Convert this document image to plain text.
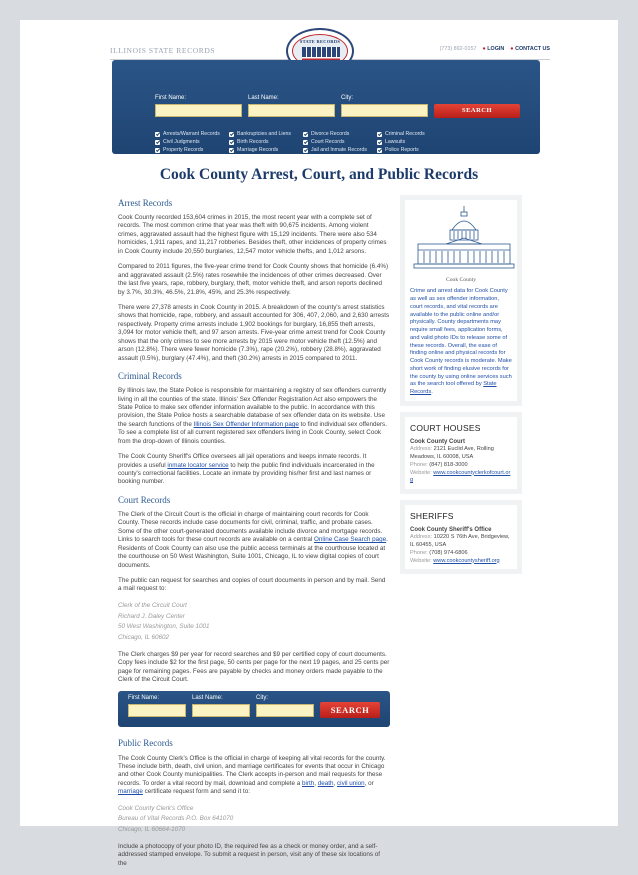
ILLINOIS STATE RECORDS	(773) 892-0157 ● LOGIN ● CONTACT US
STATE RECORDS
First Name:	Last Name:	City:
SEARCH
Arrests/Warrant Records	Bankruptcies and Liens	Divorce Records	Criminal Records
Civil Judgments	Birth Records	Court Records	Lawsuits
Property Records	Marriage Records	Jail and Inmate Records	Police Reports
Cook County Arrest, Court, and Public Records
Arrest Records

Cook County recorded 153,604 crimes in 2015, the most recent year with a complete set of records. The most common crime that year was theft with 90,675 incidents. Among violent crimes, aggravated assault had the highest figure with 15,129 incidents. There were also 534 homicides, 1,911 rapes, and 11,217 robberies. Besides theft, other incidences of property crimes in Cook County include 20,550 burglaries, 12,547 motor vehicle thefts, and 1,012 arsons.

Compared to 2011 figures, the five-year crime trend for Cook County shows that homicide (6.4%) and aggravated assault (2.5%) rates rosewhile the incidences of other crimes decreased. Over the last five years, rape, robbery, burglary, theft, motor vehicle theft, and arson reports declined by 3.7%, 30.3%, 46.5%, 21.8%, 45%, and 25.3% respectively.

There were 27,378 arrests in Cook County in 2015. A breakdown of the county's arrest statistics shows that homicide, rape, robbery, and assault accounted for 306, 407, 2,060, and 2,630 arrests respectively. Property crime arrests include 1,902 bookings for burglary, 16,855 theft arrests, 3,094 for motor vehicle theft, and 97 arson arrests. Five-year crime arrest trend for Cook County shows that the only crimes to see more arrests by 2015 were motor vehicle theft (12.5%) and arson (12.8%). There were fewer homicide (7.3%), rape (20.2%), robbery (28.8%), aggravated assault (0.5%), burglary (47.4%), and theft (30.2%) arrests in 2015 compared to 2011.

Criminal Records

By Illinois law, the State Police is responsible for maintaining a registry of sex offenders currently living in all the counties of the state. Illinois' Sex Offender Registration Act also empowers the State Police to make sex offender information available to the public. In accordance with this provision, the State Police hosts a searchable database of sex offender data on its website. Use the search functions of the Illinois Sex Offender Information page to find individual sex offenders. To see a complete list of all current registered sex offenders living in Cook County, select Cook from the drop-down of Illinois counties.

The Cook County Sheriff's Office oversees all jail operations and keeps inmate records. It provides a useful inmate locator service to help the public find individuals incarcerated in the county's correctional facilities. Locate an inmate by providing his/her first and last names or booking number.

Court Records

The Clerk of the Circuit Court is the official in charge of maintaining court records for Cook County. These records include case documents for civil, criminal, traffic, and probate cases. Some of the other court-generated documents available include divorce and mortgage records. Links to search tools for these court records are available on a central Online Case Search page. Residents of Cook County can also use the public access terminals at the courthouse located at the courthouse on 50 West Washington, Suite 1001, Chicago, IL to view digital copies of court documents.

The public can request for searches and copies of court documents in person and by mail. Send a mail request to:

Clerk of the Circuit Court
Richard J. Daley Center
50 West Washington, Suite 1001
Chicago, IL 60602

The Clerk charges $9 per year for record searches and $9 per certified copy of court documents. Copy fees include $2 for the first page, 50 cents per page for the next 19 pages, and 25 cents per page for remaining pages. Fees are payable by checks and money orders made payable to the Clerk of the Circuit Court.

First Name:	Last Name:	City:
SEARCH
Public Records

The Cook County Clerk's Office is the official in charge of keeping all vital records for the county. These include birth, death, civil union, and marriage certificates for events that occur in Chicago and other Cook County municipalities. The Clerk accepts in-person and mail requests for these records. To order a vital record by mail, download and complete a birth, death, civil union, or marriage certificate request form and send it to:

Cook County Clerk's Office
Bureau of Vital Records P.O. Box 641070
Chicago, IL 60664-1070

Include a photocopy of your photo ID, the required fee as a check or money order, and a self-addressed stamped envelope. To submit a request in person, visit any of these six locations of the

Cook County
Crime and arrest data for Cook County as well as sex offender information, court records, and vital records are available to the public online and/or physically. County departments may require small fees, application forms, and valid photo IDs to release some of these records. Overall, the ease of finding online and physical records for Cook County records is moderate. Make short work of finding elusive records for the county by using online services such as the search tool offered by State Records.
COURT HOUSES
Cook County Court
Address: 2121 Euclid Ave, Rolling Meadows, IL 60008, USA
Phone: (847) 818-3000
Website: www.cookcountyclerkofcourt.org
SHERIFFS
Cook County Sheriff's Office
Address: 10220 S 76th Ave, Bridgeview, IL 60455, USA
Phone: (708) 974-6806
Website: www.cookcountysheriff.org
